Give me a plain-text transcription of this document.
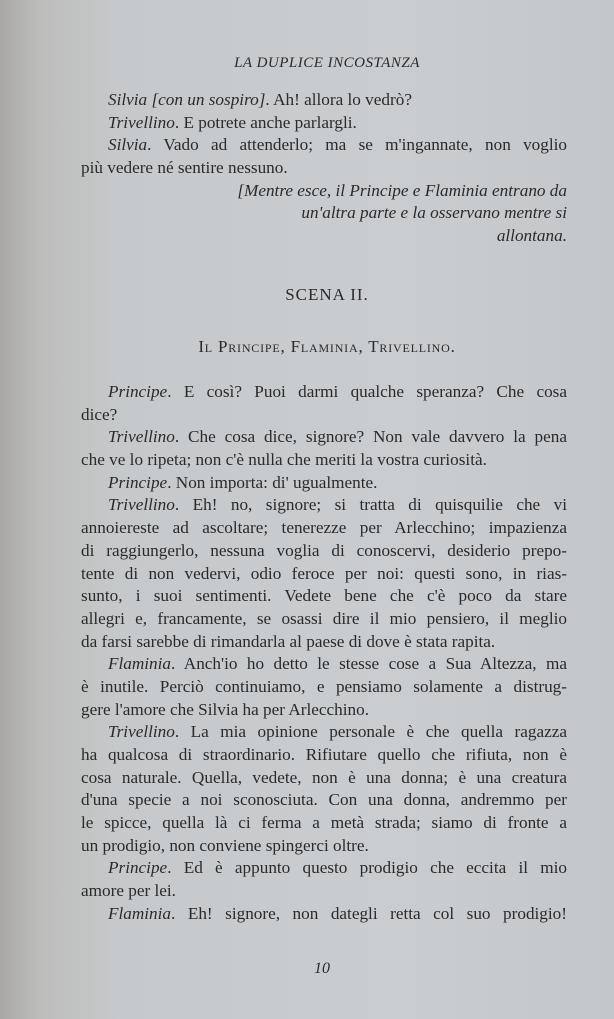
LA DUPLICE INCOSTANZA
Silvia [con un sospiro]. Ah! allora lo vedrò?
Trivellino. E potrete anche parlargli.
Silvia. Vado ad attenderlo; ma se m'ingannate, non voglio
più vedere né sentire nessuno.
[Mentre esce, il Principe e Flaminia entrano da
un'altra parte e la osservano mentre si
allontana.
SCENA II.
Il Principe, Flaminia, Trivellino.
Principe. E così? Puoi darmi qualche speranza? Che cosa
dice?
Trivellino. Che cosa dice, signore? Non vale davvero la pena
che ve lo ripeta; non c'è nulla che meriti la vostra curiosità.
Principe. Non importa: di' ugualmente.
Trivellino. Eh! no, signore; si tratta di quisquilie che vi
annoiereste ad ascoltare; tenerezze per Arlecchino; impazienza
di raggiungerlo, nessuna voglia di conoscervi, desiderio prepo-
tente di non vedervi, odio feroce per noi: questi sono, in rias-
sunto, i suoi sentimenti. Vedete bene che c'è poco da stare
allegri e, francamente, se osassi dire il mio pensiero, il meglio
da farsi sarebbe di rimandarla al paese di dove è stata rapita.
Flaminia. Anch'io ho detto le stesse cose a Sua Altezza, ma
è inutile. Perciò continuiamo, e pensiamo solamente a distrug-
gere l'amore che Silvia ha per Arlecchino.
Trivellino. La mia opinione personale è che quella ragazza
ha qualcosa di straordinario. Rifiutare quello che rifiuta, non è
cosa naturale. Quella, vedete, non è una donna; è una creatura
d'una specie a noi sconosciuta. Con una donna, andremmo per
le spicce, quella là ci ferma a metà strada; siamo di fronte a
un prodigio, non conviene spingerci oltre.
Principe. Ed è appunto questo prodigio che eccita il mio
amore per lei.
Flaminia. Eh! signore, non dategli retta col suo prodigio!
10
